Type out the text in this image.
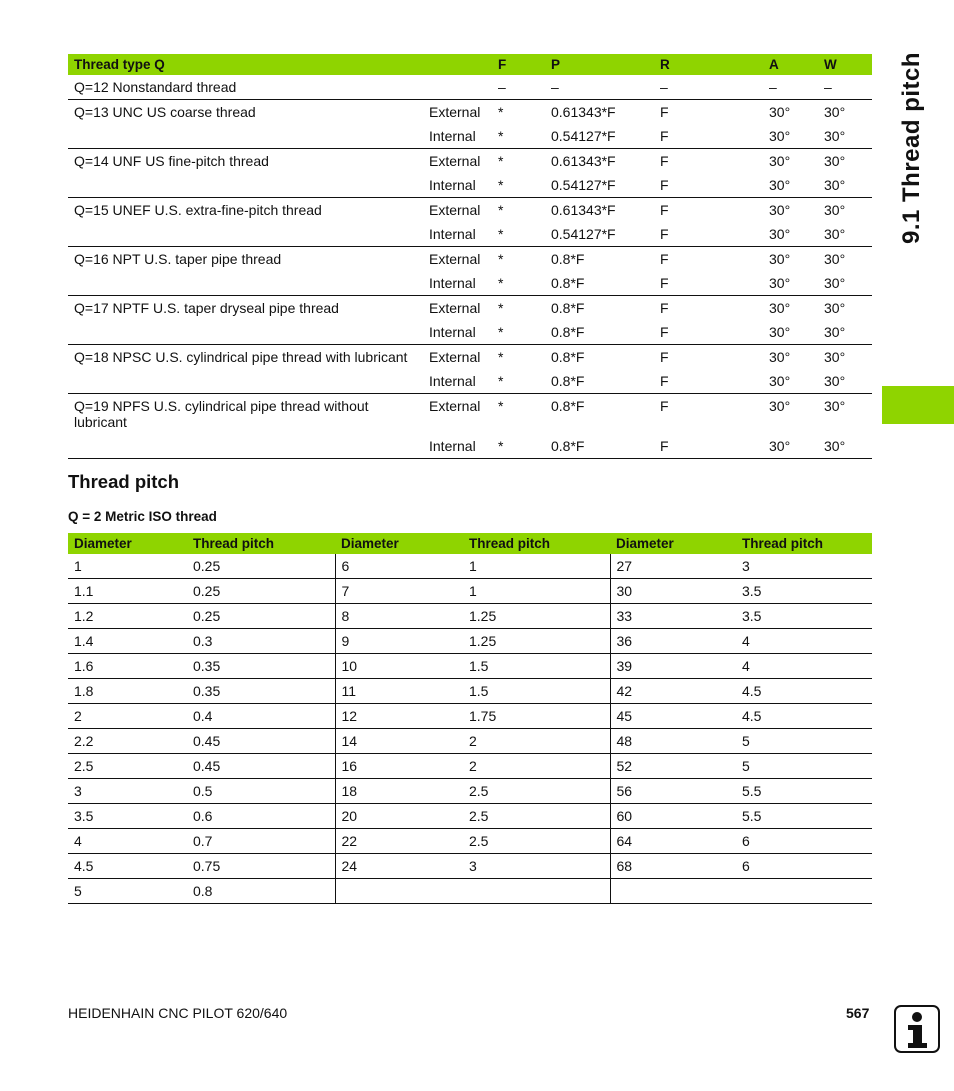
9.1 Thread pitch
Thread type Q		F	P	R	A	W
Q=12 Nonstandard thread		–	–	–	–	–
Q=13 UNC US coarse thread	External	*	0.61343*F	F	30°	30°
	Internal	*	0.54127*F	F	30°	30°
Q=14 UNF US fine-pitch thread	External	*	0.61343*F	F	30°	30°
	Internal	*	0.54127*F	F	30°	30°
Q=15 UNEF U.S. extra-fine-pitch thread	External	*	0.61343*F	F	30°	30°
	Internal	*	0.54127*F	F	30°	30°
Q=16 NPT U.S. taper pipe thread	External	*	0.8*F	F	30°	30°
	Internal	*	0.8*F	F	30°	30°
Q=17 NPTF U.S. taper dryseal pipe thread	External	*	0.8*F	F	30°	30°
	Internal	*	0.8*F	F	30°	30°
Q=18 NPSC U.S. cylindrical pipe thread with lubricant	External	*	0.8*F	F	30°	30°
	Internal	*	0.8*F	F	30°	30°
Q=19 NPFS U.S. cylindrical pipe thread without lubricant	External	*	0.8*F	F	30°	30°
	Internal	*	0.8*F	F	30°	30°
Thread pitch
Q = 2 Metric ISO thread
Diameter	Thread pitch	Diameter	Thread pitch	Diameter	Thread pitch
1	0.25	6	1	27	3
1.1	0.25	7	1	30	3.5
1.2	0.25	8	1.25	33	3.5
1.4	0.3	9	1.25	36	4
1.6	0.35	10	1.5	39	4
1.8	0.35	11	1.5	42	4.5
2	0.4	12	1.75	45	4.5
2.2	0.45	14	2	48	5
2.5	0.45	16	2	52	5
3	0.5	18	2.5	56	5.5
3.5	0.6	20	2.5	60	5.5
4	0.7	22	2.5	64	6
4.5	0.75	24	3	68	6
5	0.8				
HEIDENHAIN CNC PILOT 620/640	567
